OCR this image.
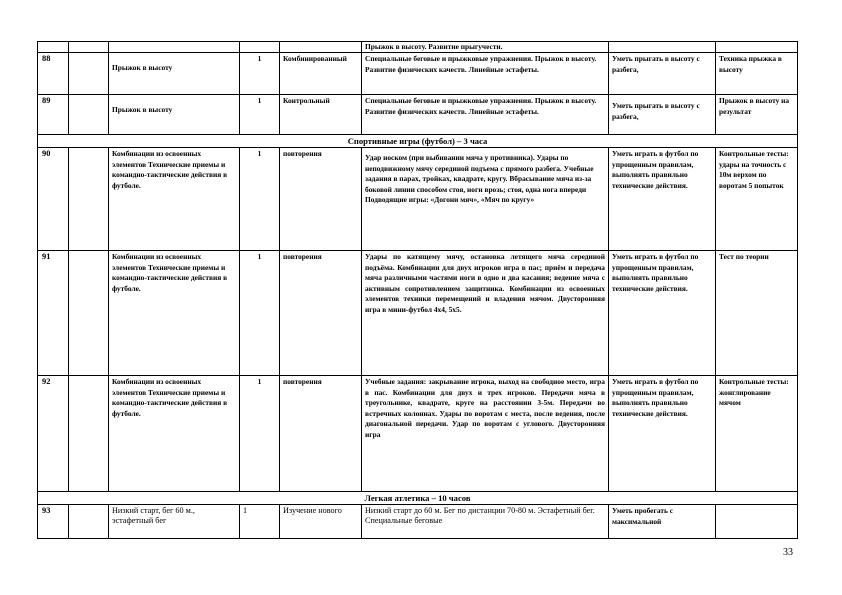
					Прыжок в высоту. Развитие прыгучести.		
88		Прыжок в высоту	1	Комбинированный	Специальные беговые и прыжковые упражнения. Прыжок в высоту. Развитие физических качеств. Линейные эстафеты.	Уметь прыгать в высоту с разбега,	Техника прыжка в высоту
89		Прыжок в высоту	1	Контрольный	Специальные беговые и прыжковые упражнения. Прыжок в высоту. Развитие физических качеств. Линейные эстафеты.	Уметь прыгать в высоту с разбега,	Прыжок в высоту на результат
Спортивные игры (футбол) – 3 часа							
90		Комбинации из освоенных элементов Технические приемы и командно-тактические действия в футболе.	1	повторения	Удар носком (при выбивании мяча у противника). Удары по неподвижному мячу серединой подъема с прямого разбега. Учебные задания в парах, тройках, квадрате, кругу. Вбрасывание мяча из-за боковой линии способом стоя, ноги врозь; стоя, одна нога впереди Подводящие игры: «Догони мяч», «Мяч по кругу»	Уметь играть в футбол по упрощенным правилам, выполнять правильно технические действия.	Контрольные тесты: удары на точность с 10м верхом по воротам 5 попыток
91		Комбинации из освоенных элементов Технические приемы и командно-тактические действия в футболе.	1	повторения	Удары по катящему мячу, остановка летящего мяча серединой подъёма. Комбинации для двух игроков игра в пас; приём и передача мяча различными частями ноги в одно и два касания; ведение мяча с активным сопротивлением защитника. Комбинации из освоенных элементов техники перемещений и владения мячом. Двусторонняя игра в мини-футбол 4х4, 5х5.	Уметь играть в футбол по упрощенным правилам, выполнять правильно технические действия.	Тест по теории
92		Комбинации из освоенных элементов Технические приемы и командно-тактические действия в футболе.	1	повторения	Учебные задания: закрывание игрока, выход на свободное место, игра в пас. Комбинации для двух и трех игроков. Передачи мяча в треугольнике, квадрате, круге на расстоянии 3-5м. Передачи во встречных колоннах. Удары по воротам с места, после ведения, после диагональной передачи. Удар по воротам с углового. Двусторонняя игра	Уметь играть в футбол по упрощенным правилам, выполнять правильно технические действия.	Контрольные тесты: жонглирование мячом
Легкая атлетика – 10 часов							
93		Низкий старт, бег 60 м., эстафетный бег	1	Изучение нового	Низкий старт до 60 м. Бег по дистанции 70-80 м. Эстафетный бег. Специальные беговые	Уметь пробегать с максимальной	
33
